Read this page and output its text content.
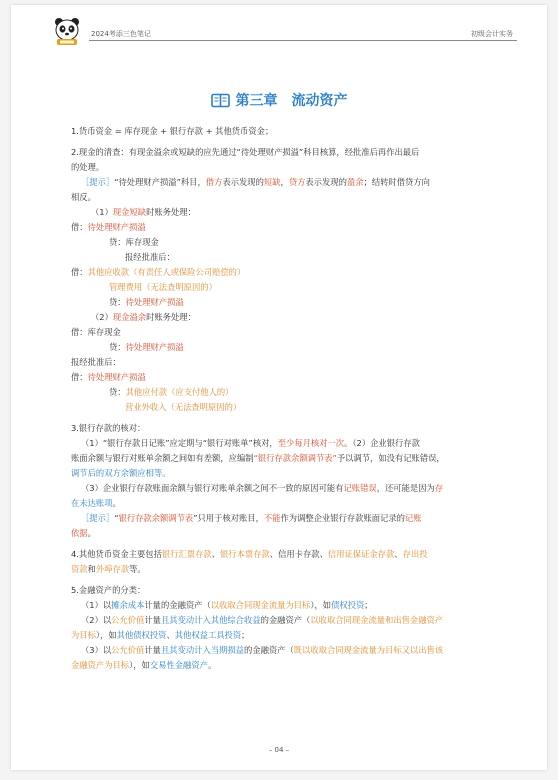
2024考添三色笔记	初级会计实务
第三章 流动资产

1.货币资金 = 库存现金 + 银行存款 + 其他货币资金；

2.现金的清查：有现金溢余或短缺的应先通过“待处理财产损溢”科目核算，经批准后再作出最后

的处理。

［提示］“待处理财产损溢”科目，借方表示发现的短缺，贷方表示发现的盈余；结转时借贷方向

相反。

（1）现金短缺时账务处理：

借：待处理财产损溢

贷：库存现金

报经批准后：

借：其他应收款（有责任人或保险公司赔偿的）

管理费用（无法查明原因的）

贷：待处理财产损溢

（2）现金溢余时账务处理：

借：库存现金

贷：待处理财产损溢

报经批准后：

借：待处理财产损溢

贷：其他应付款（应支付他人的）

营业外收入（无法查明原因的）

3.银行存款的核对：

（1）“银行存款日记账”应定期与“银行对账单”核对，至少每月核对一次。（2）企业银行存款

账面余额与银行对账单余额之间如有差额，应编制“银行存款余额调节表”予以调节，如没有记账错误，

调节后的双方余额应相等。

（3）企业银行存款账面余额与银行对账单余额之间不一致的原因可能有记账错误，还可能是因为存

在未达账项。

［提示］“银行存款余额调节表”只用于核对账目，不能作为调整企业银行存款账面记录的记账

依据。

4.其他货币资金主要包括银行汇票存款、银行本票存款、信用卡存款、信用证保证金存款、存出投

资款和外埠存款等。

5.金融资产的分类：

（1）以摊余成本计量的金融资产（以收取合同现金流量为目标），如债权投资；

（2）以公允价值计量且其变动计入其他综合收益的金融资产（以收取合同现金流量和出售金融资产

为目标），如其他债权投资、其他权益工具投资；

（3）以公允价值计量且其变动计入当期损益的金融资产（既以收取合同现金流量为目标又以出售该

金融资产为目标），如交易性金融资产。

– 04 –
